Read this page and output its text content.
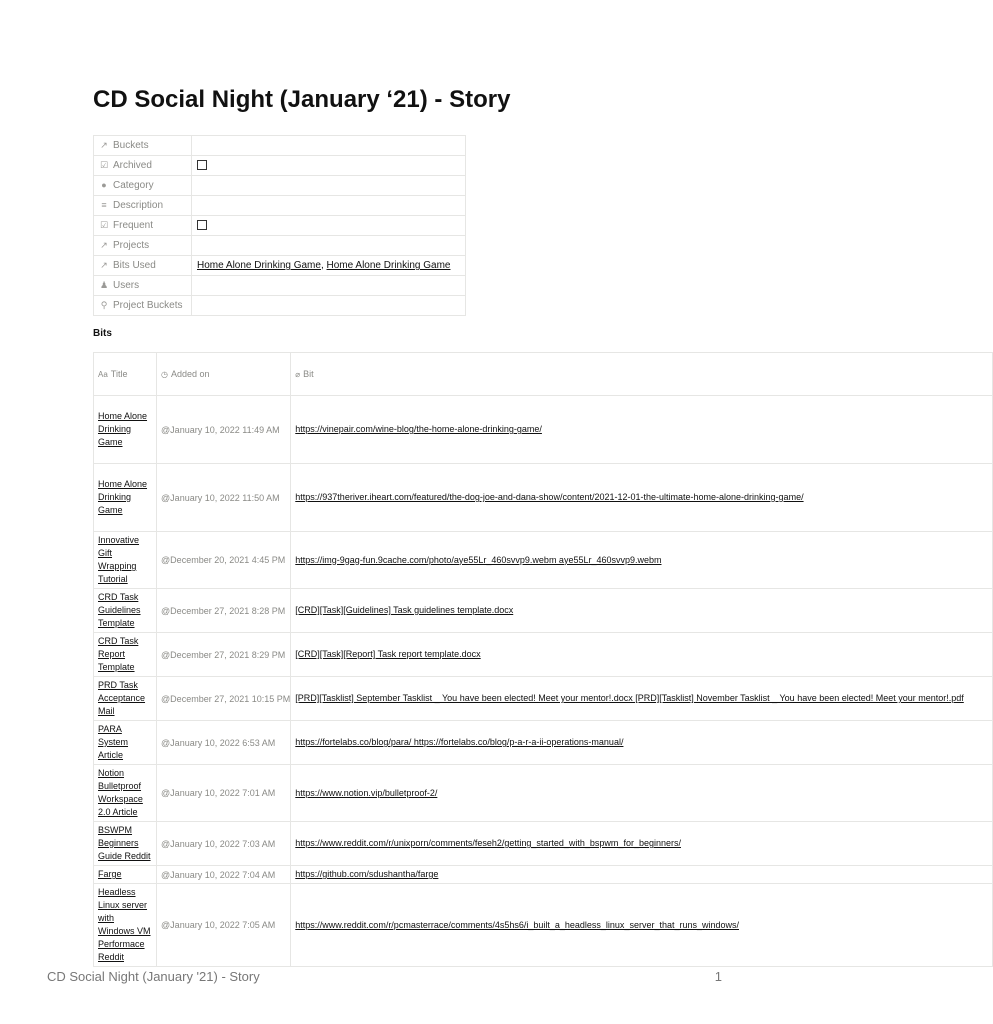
CD Social Night (January ‘21) - Story
↗ Buckets	
☑ Archived	
● Category	
≡ Description	
☑ Frequent	
↗ Projects	
↗ Bits Used	Home Alone Drinking Game, Home Alone Drinking Game
♟ Users	
⚲ Project Buckets	
Bits
Aa Title	◷ Added on	⌀ Bit
Home Alone Drinking Game	@January 10, 2022 11:49 AM	https://vinepair.com/wine-blog/the-home-alone-drinking-game/
Home Alone Drinking Game	@January 10, 2022 11:50 AM	https://937theriver.iheart.com/featured/the-dog-joe-and-dana-show/content/2021-12-01-the-ultimate-home-alone-drinking-game/
Innovative Gift Wrapping Tutorial	@December 20, 2021 4:45 PM	https://img-9gag-fun.9cache.com/photo/aye55Lr_460svvp9.webm aye55Lr_460svvp9.webm
CRD Task Guidelines Template	@December 27, 2021 8:28 PM	[CRD][Task][Guidelines] Task guidelines template.docx
CRD Task Report Template	@December 27, 2021 8:29 PM	[CRD][Task][Report] Task report template.docx
PRD Task Acceptance Mail	@December 27, 2021 10:15 PM	[PRD][Tasklist] September Tasklist _ You have been elected! Meet your mentor!.docx [PRD][Tasklist] November Tasklist _ You have been elected! Meet your mentor!.pdf
PARA System Article	@January 10, 2022 6:53 AM	https://fortelabs.co/blog/para/ https://fortelabs.co/blog/p-a-r-a-ii-operations-manual/
Notion Bulletproof Workspace 2.0 Article	@January 10, 2022 7:01 AM	https://www.notion.vip/bulletproof-2/
BSWPM Beginners Guide Reddit	@January 10, 2022 7:03 AM	https://www.reddit.com/r/unixporn/comments/feseh2/getting_started_with_bspwm_for_beginners/
Farge	@January 10, 2022 7:04 AM	https://github.com/sdushantha/farge
Headless Linux server with Windows VM Performace Reddit	@January 10, 2022 7:05 AM	https://www.reddit.com/r/pcmasterrace/comments/4s5hs6/i_built_a_headless_linux_server_that_runs_windows/
CD Social Night (January '21) - Story	1
